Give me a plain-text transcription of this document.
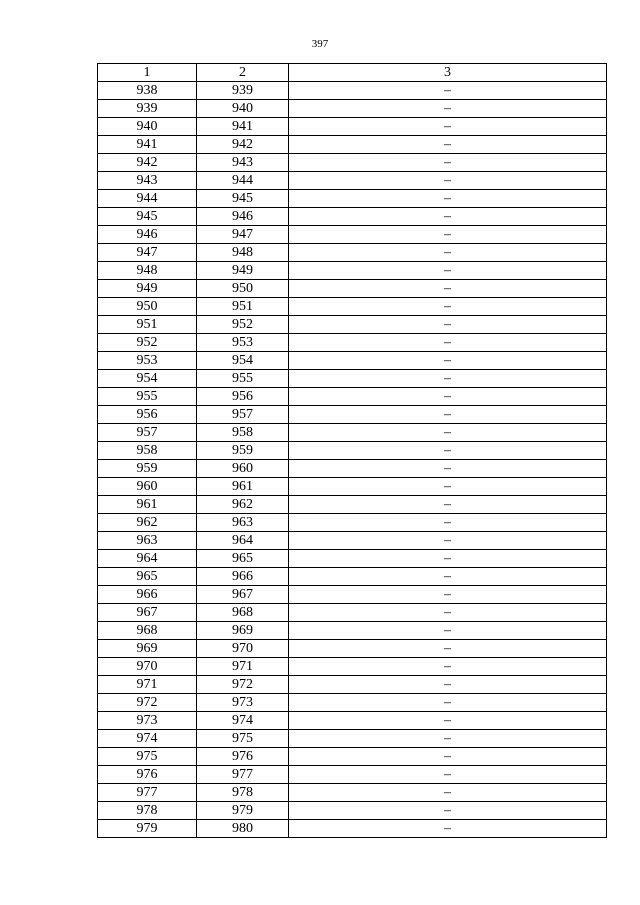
397
1	2	3
938	939	–
939	940	–
940	941	–
941	942	–
942	943	–
943	944	–
944	945	–
945	946	–
946	947	–
947	948	–
948	949	–
949	950	–
950	951	–
951	952	–
952	953	–
953	954	–
954	955	–
955	956	–
956	957	–
957	958	–
958	959	–
959	960	–
960	961	–
961	962	–
962	963	–
963	964	–
964	965	–
965	966	–
966	967	–
967	968	–
968	969	–
969	970	–
970	971	–
971	972	–
972	973	–
973	974	–
974	975	–
975	976	–
976	977	–
977	978	–
978	979	–
979	980	–
